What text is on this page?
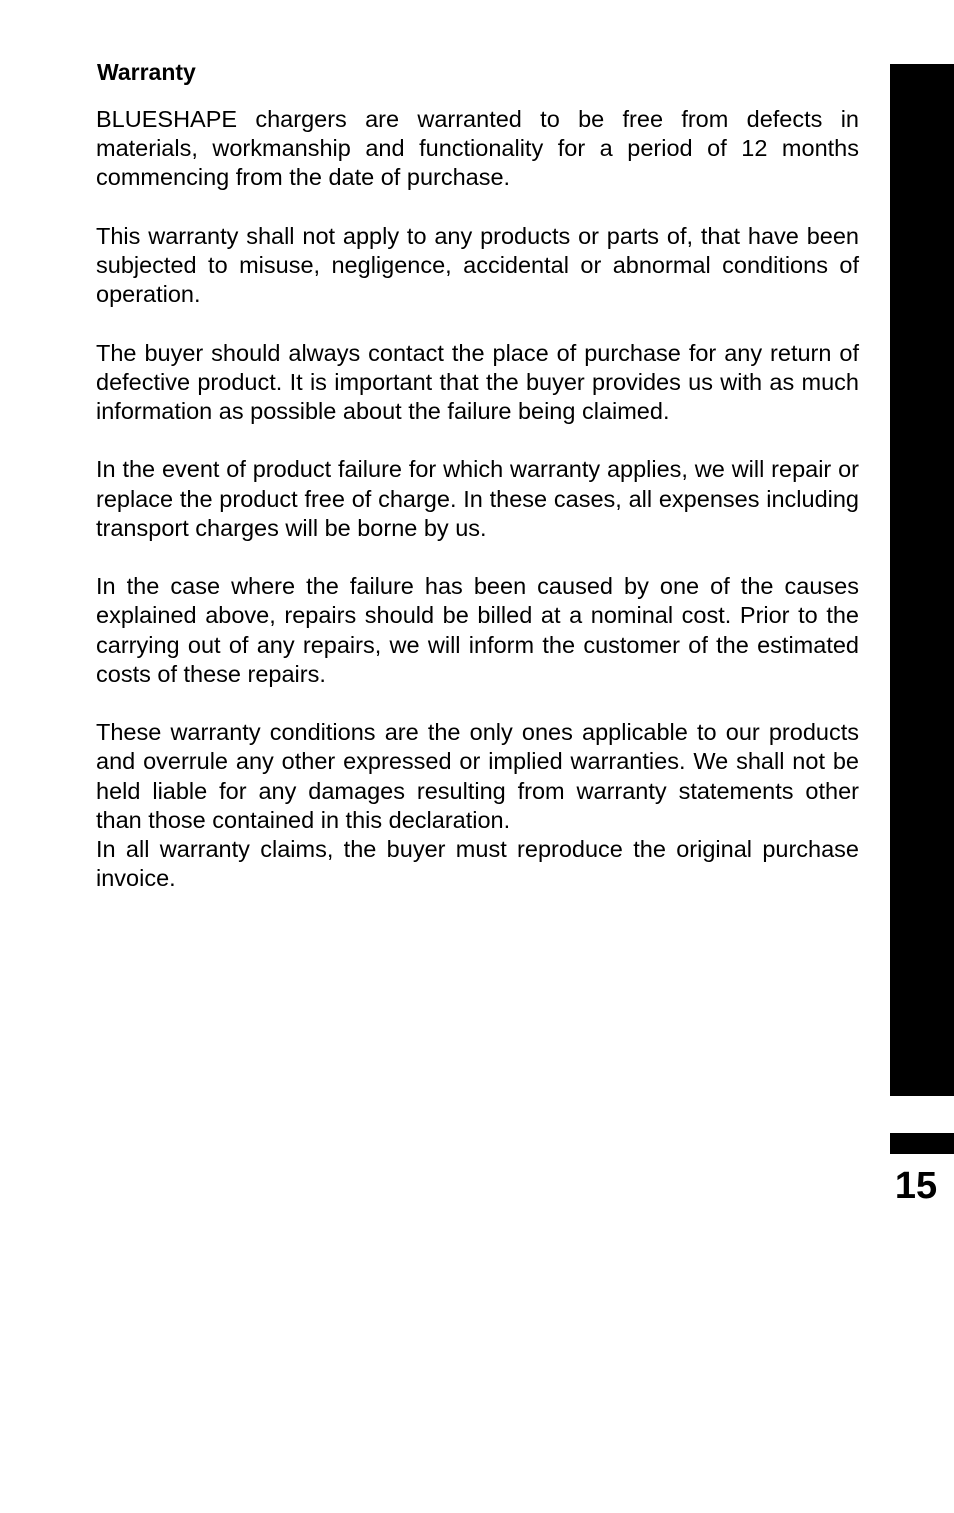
Warranty

BLUESHAPE chargers are warranted to be free from defects in materials, workmanship and functionality for a period of 12 months commencing from the date of purchase.

This warranty shall not apply to any products or parts of, that have been subjected to misuse, negligence, accidental or abnormal conditions of operation.

The buyer should always contact the place of purchase for any return of defective product. It is important that the buyer provides us with as much information as possible about the failure being claimed.

In the event of product failure for which warranty applies, we will repair or replace the product free of charge. In these cases, all expenses including transport charges will be borne by us.

In the case where the failure has been caused by one of the causes explained above, repairs should be billed at a nominal cost. Prior to the carrying out of any repairs, we will inform the customer of the estimated costs of these repairs.

These warranty conditions are the only ones applicable to our products and overrule any other expressed or implied warranties. We shall not be held liable for any damages resulting from warranty statements other than those contained in this declaration.

In all warranty claims, the buyer must reproduce the original purchase invoice.

15
